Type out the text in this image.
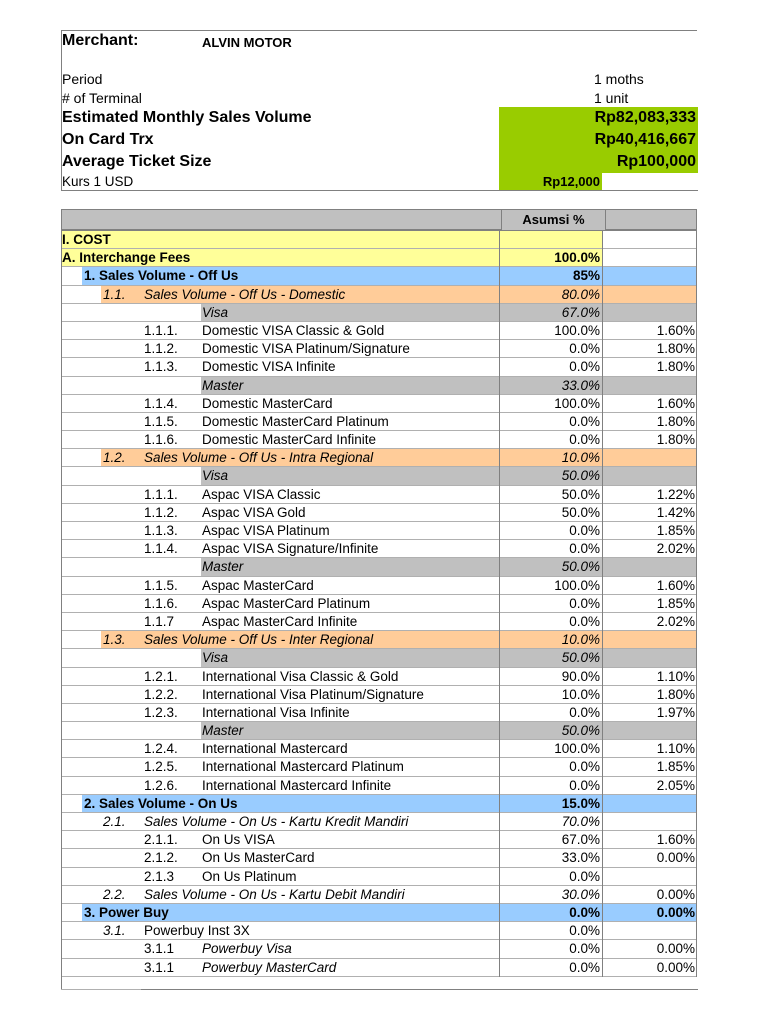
Merchant:	ALVIN MOTOR
Period	1 moths
# of Terminal	1 unit
Estimated Monthly Sales Volume	Rp82,083,333
On Card Trx	Rp40,416,667
Average Ticket Size	Rp100,000
Kurs 1 USD	Rp12,000
Asumsi %
I. COST
A. Interchange Fees	100.0%
1. Sales Volume - Off Us	85%
1.1. Sales Volume - Off Us - Domestic	80.0%
Visa	67.0%
1.1.1. Domestic VISA Classic & Gold	100.0%	1.60%
1.1.2. Domestic VISA Platinum/Signature	0.0%	1.80%
1.1.3. Domestic VISA Infinite	0.0%	1.80%
Master	33.0%
1.1.4. Domestic MasterCard	100.0%	1.60%
1.1.5. Domestic MasterCard Platinum	0.0%	1.80%
1.1.6. Domestic MasterCard Infinite	0.0%	1.80%
1.2. Sales Volume - Off Us - Intra Regional	10.0%
Visa	50.0%
1.1.1. Aspac VISA Classic	50.0%	1.22%
1.1.2. Aspac VISA Gold	50.0%	1.42%
1.1.3. Aspac VISA Platinum	0.0%	1.85%
1.1.4. Aspac VISA Signature/Infinite	0.0%	2.02%
Master	50.0%
1.1.5. Aspac MasterCard	100.0%	1.60%
1.1.6. Aspac MasterCard Platinum	0.0%	1.85%
1.1.7 Aspac MasterCard Infinite	0.0%	2.02%
1.3. Sales Volume - Off Us - Inter Regional	10.0%
Visa	50.0%
1.2.1. International Visa Classic & Gold	90.0%	1.10%
1.2.2. International Visa Platinum/Signature	10.0%	1.80%
1.2.3. International Visa Infinite	0.0%	1.97%
Master	50.0%
1.2.4. International Mastercard	100.0%	1.10%
1.2.5. International Mastercard Platinum	0.0%	1.85%
1.2.6. International Mastercard Infinite	0.0%	2.05%
2. Sales Volume - On Us	15.0%
2.1. Sales Volume - On Us - Kartu Kredit Mandiri	70.0%
2.1.1. On Us VISA	67.0%	1.60%
2.1.2. On Us MasterCard	33.0%	0.00%
2.1.3 On Us Platinum	0.0%
2.2. Sales Volume - On Us - Kartu Debit Mandiri	30.0%	0.00%
3. Power Buy	0.0%	0.00%
3.1. Powerbuy Inst 3X	0.0%
3.1.1 Powerbuy Visa	0.0%	0.00%
3.1.1 Powerbuy MasterCard	0.0%	0.00%
